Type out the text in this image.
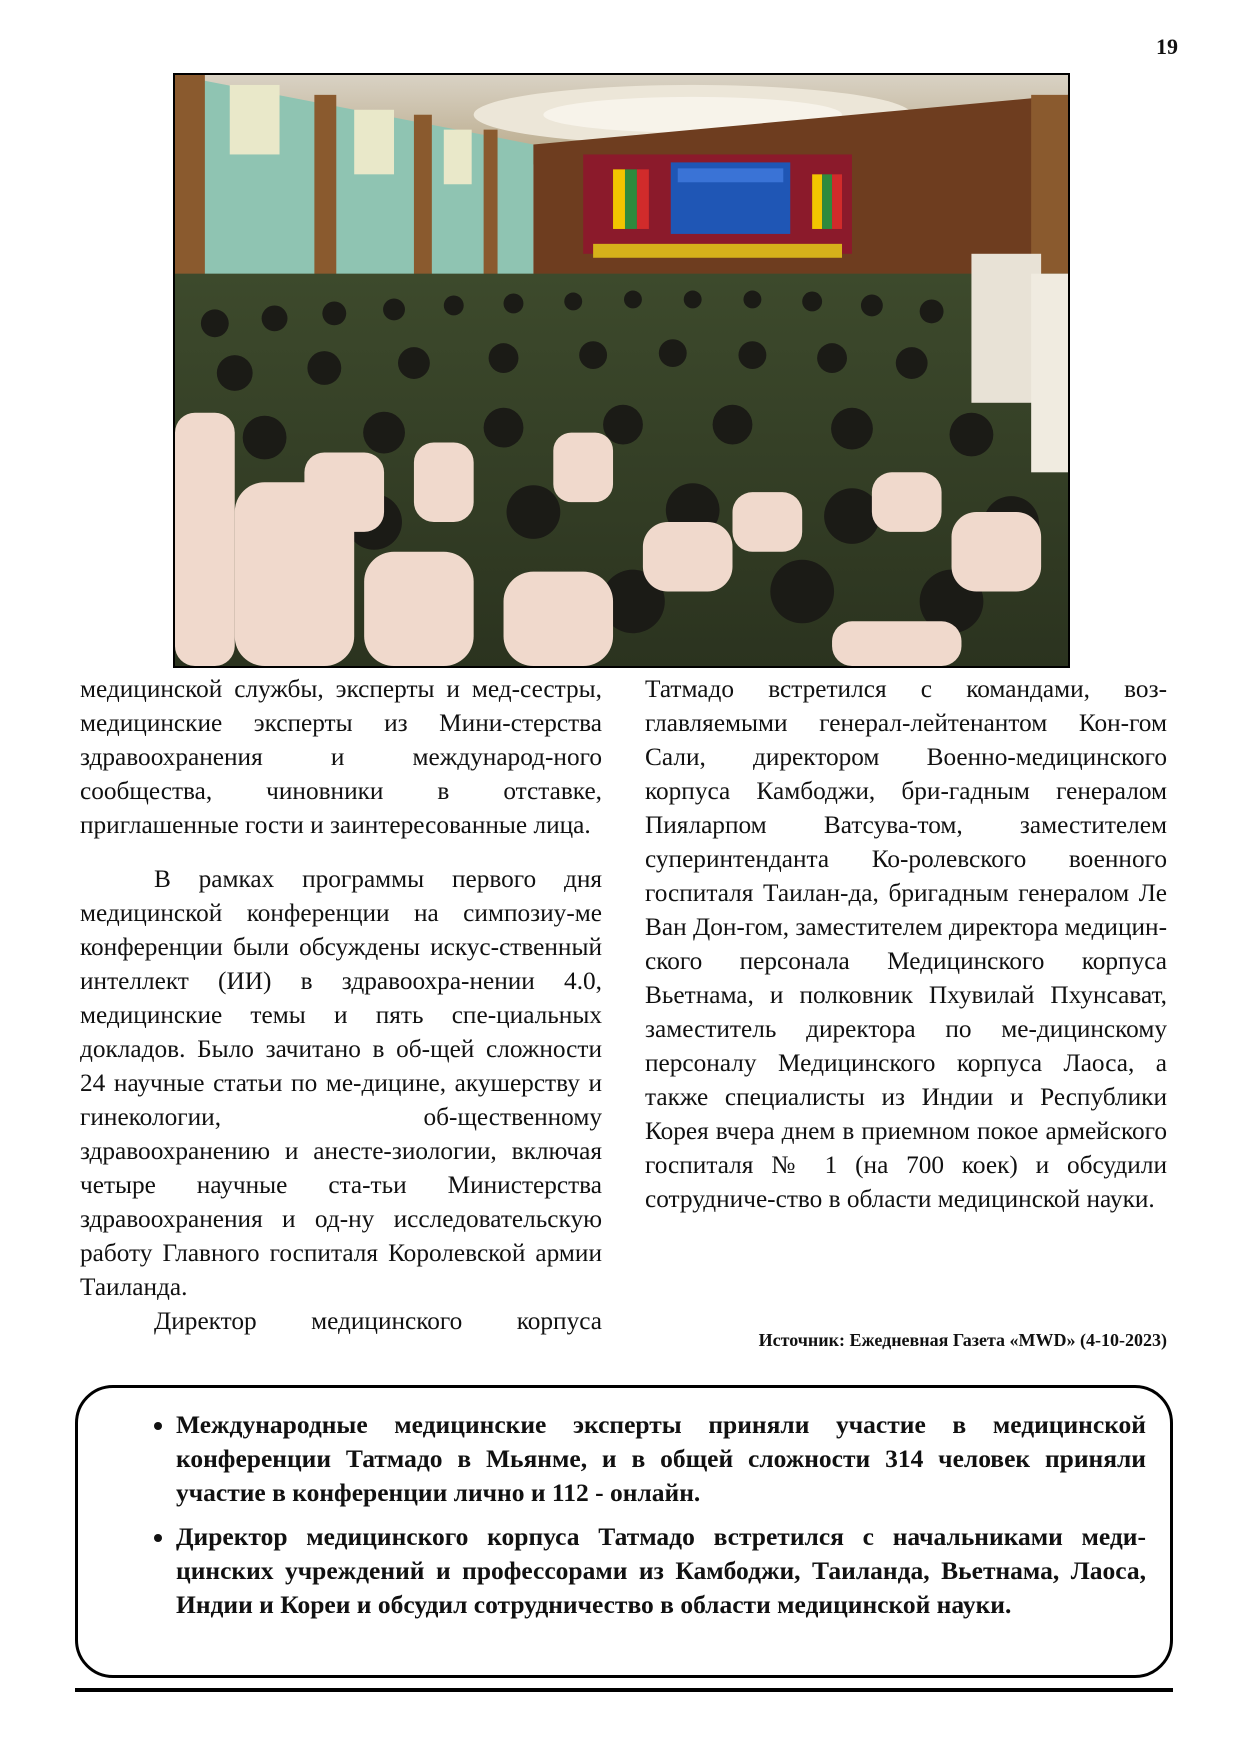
19

медицинской службы, эксперты и мед-сестры, медицинские эксперты из Мини-стерства здравоохранения и международ-ного сообщества, чиновники в отставке, приглашенные гости и заинтересованные лица.

В рамках программы первого дня медицинской конференции на симпозиу-ме конференции были обсуждены искус-ственный интеллект (ИИ) в здравоохра-нении 4.0, медицинские темы и пять спе-циальных докладов. Было зачитано в об-щей сложности 24 научные статьи по ме-дицине, акушерству и гинекологии, об-щественному здравоохранению и анесте-зиологии, включая четыре научные ста-тьи Министерства здравоохранения и од-ну исследовательскую работу Главного госпиталя Королевской армии Таиланда.

Директор медицинского корпуса

Татмадо встретился с командами, воз-главляемыми генерал-лейтенантом Кон-гом Сали, директором Военно-медицинского корпуса Камбоджи, бри-гадным генералом Пияларпом Ватсува-том, заместителем суперинтенданта Ко-ролевского военного госпиталя Таилан-да, бригадным генералом Ле Ван Дон-гом, заместителем директора медицин-ского персонала Медицинского корпуса Вьетнама, и полковник Пхувилай Пхунсават, заместитель директора по ме-дицинскому персоналу Медицинского корпуса Лаоса, а также специалисты из Индии и Республики Корея вчера днем в приемном покое армейского госпиталя № 1 (на 700 коек) и обсудили сотрудниче-ство в области медицинской науки.

Источник: Ежедневная Газета «MWD» (4-10-2023)
• Международные медицинские эксперты приняли участие в медицинской конференции Татмадо в Мьянме, и в общей сложности 314 человек приняли участие в конференции лично и 112 - онлайн.
• Директор медицинского корпуса Татмадо встретился с начальниками меди-цинских учреждений и профессорами из Камбоджи, Таиланда, Вьетнама, Лаоса, Индии и Кореи и обсудил сотрудничество в области медицинской науки.
